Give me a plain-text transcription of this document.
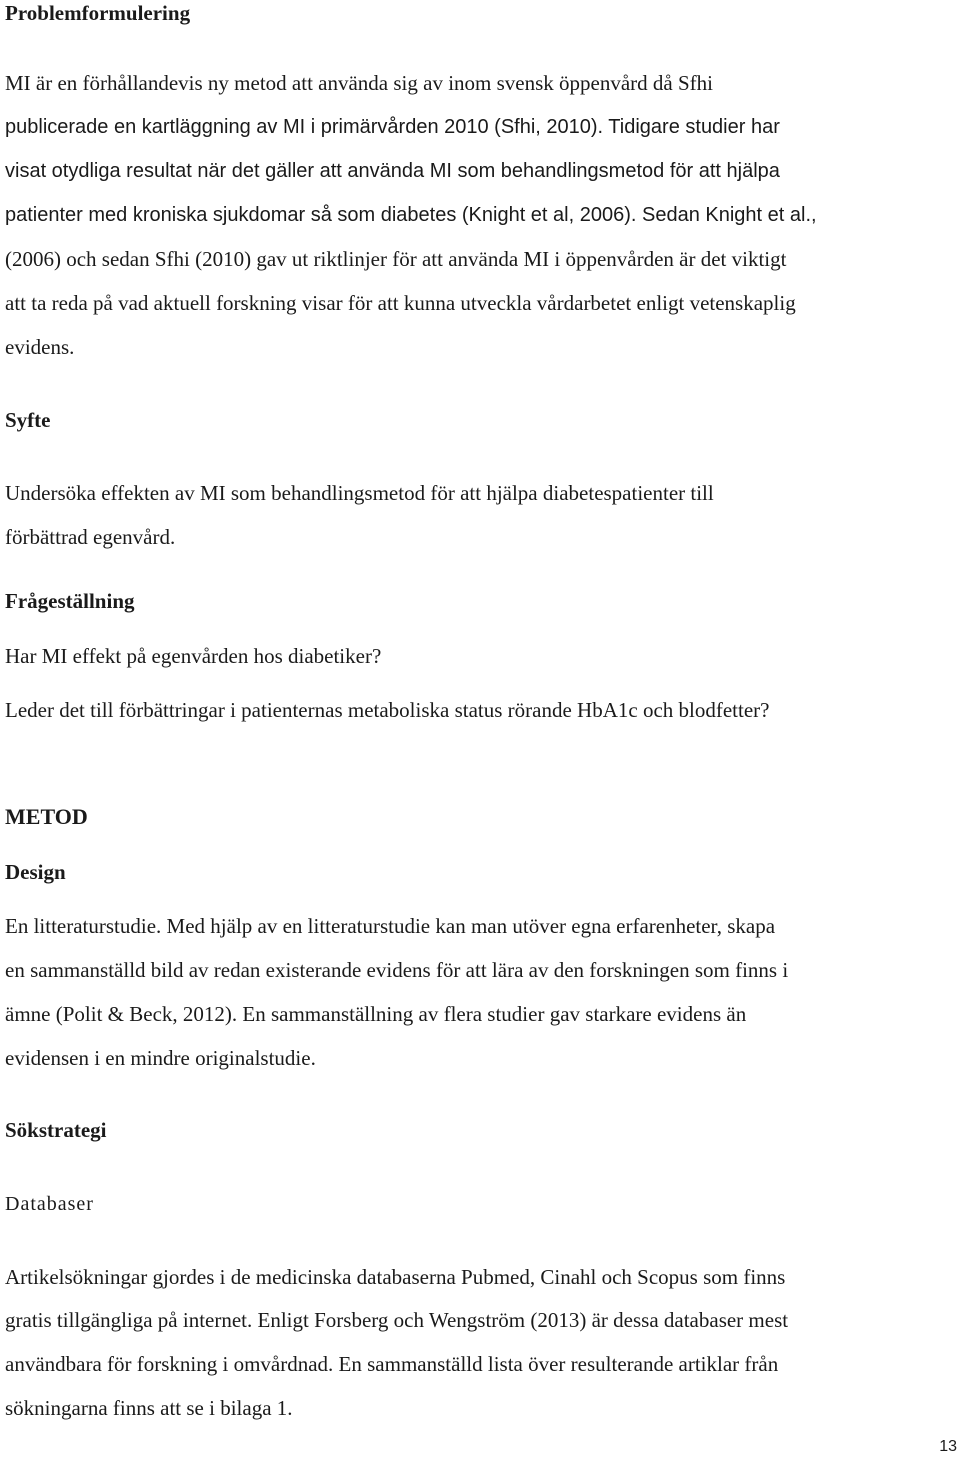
Problemformulering
MI är en förhållandevis ny metod att använda sig av inom svensk öppenvård då Sfhi
publicerade en kartläggning av MI i primärvården 2010 (Sfhi, 2010). Tidigare studier har
visat otydliga resultat när det gäller att använda MI som behandlingsmetod för att hjälpa
patienter med kroniska sjukdomar så som diabetes (Knight et al, 2006). Sedan Knight et al.,
(2006) och sedan Sfhi (2010) gav ut riktlinjer för att använda MI i öppenvården är det viktigt
att ta reda på vad aktuell forskning visar för att kunna utveckla vårdarbetet enligt vetenskaplig
evidens.
Syfte
Undersöka effekten av MI som behandlingsmetod för att hjälpa diabetespatienter till
förbättrad egenvård.
Frågeställning
Har MI effekt på egenvården hos diabetiker?
Leder det till förbättringar i patienternas metaboliska status rörande HbA1c och blodfetter?
METOD
Design
En litteraturstudie. Med hjälp av en litteraturstudie kan man utöver egna erfarenheter, skapa
en sammanställd bild av redan existerande evidens för att lära av den forskningen som finns i
ämne (Polit & Beck, 2012). En sammanställning av flera studier gav starkare evidens än
evidensen i en mindre originalstudie.
Sökstrategi
Databaser
Artikelsökningar gjordes i de medicinska databaserna Pubmed, Cinahl och Scopus som finns
gratis tillgängliga på internet. Enligt Forsberg och Wengström (2013) är dessa databaser mest
användbara för forskning i omvårdnad. En sammanställd lista över resulterande artiklar från
sökningarna finns att se i bilaga 1.
13
